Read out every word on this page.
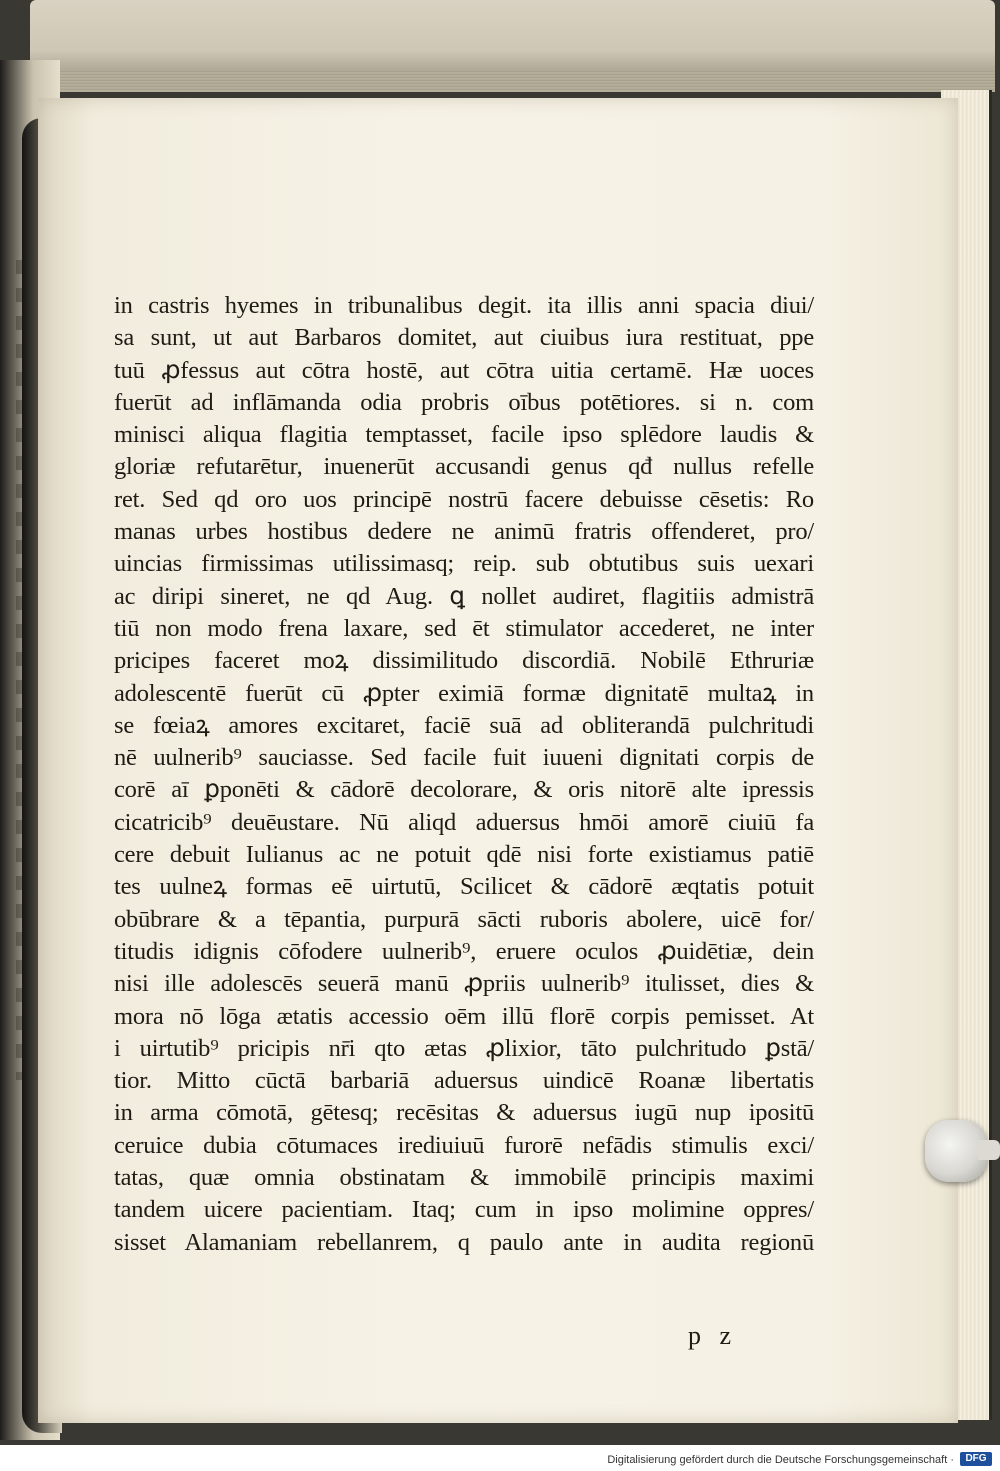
in castris hyemes in tribunalibus degit. ita illis anni spacia diui/
sa sunt, ut aut Barbaros domitet, aut ciuibus iura restituat, ppe
tuū ꝓfessus aut cōtra hostē, aut cōtra uitia certamē. Hæ uoces
fuerūt ad inflāmanda odia probris oībus potētiores. si n. com
minisci aliqua flagitia temptasset, facile ipso splēdore laudis &
gloriæ refutarētur, inuenerūt accusandi genus qđ nullus refelle
ret. Sed qd oro uos principē nostrū facere debuisse cēsetis: Ro
manas urbes hostibus dedere ne animū fratris offenderet, pro/
uincias firmissimas utilissimasq; reip. sub obtutibus suis uexari
ac diripi sineret, ne qd Aug. ꝗ nollet audiret, flagitiis admistrā
tiū non modo frena laxare, sed ēt stimulator accederet, ne inter
pricipes faceret moꝝ dissimilitudo discordiā. Nobilē Ethruriæ
adolescentē fuerūt cū ꝓpter eximiā formæ dignitatē multaꝝ in
se fœiaꝝ amores excitaret, faciē suā ad obliterandā pulchritudi
nē uulnerib⁹ sauciasse. Sed facile fuit iuueni dignitati corpis de
corē aī ꝑponēti & cādorē decolorare, & oris nitorē alte ipressis
cicatricib⁹ deuēustare. Nū aliqd aduersus hmōi amorē ciuiū fa
cere debuit Iulianus ac ne potuit qdē nisi forte existiamus patiē
tes uulneꝝ formas eē uirtutū, Scilicet & cādorē æqtatis potuit
obūbrare & a tēpantia, purpurā sācti ruboris abolere, uicē for/
titudis idignis cōfodere uulnerib⁹, eruere oculos ꝓuidētiæ, dein
nisi ille adolescēs seuerā manū ꝓpriis uulnerib⁹ itulisset, dies &
mora nō lōga ætatis accessio oēm illū florē corpis pemisset. At
i uirtutib⁹ pricipis nr̄i qto ætas ꝓlixior, tāto pulchritudo ꝑstā/
tior. Mitto cūctā barbariā aduersus uindicē Roanæ libertatis
in arma cōmotā, gētesq; recēsitas & aduersus iugū nup ipositū
ceruice dubia cōtumaces irediuiuū furorē nefādis stimulis exci/
tatas, quæ omnia obstinatam & immobilē principis maximi
tandem uicere pacientiam. Itaq; cum in ipso molimine oppres/
sisset Alamaniam rebellanrem, q paulo ante in audita regionū
p z
Digitalisierung gefördert durch die Deutsche Forschungsgemeinschaft ·	DFG
